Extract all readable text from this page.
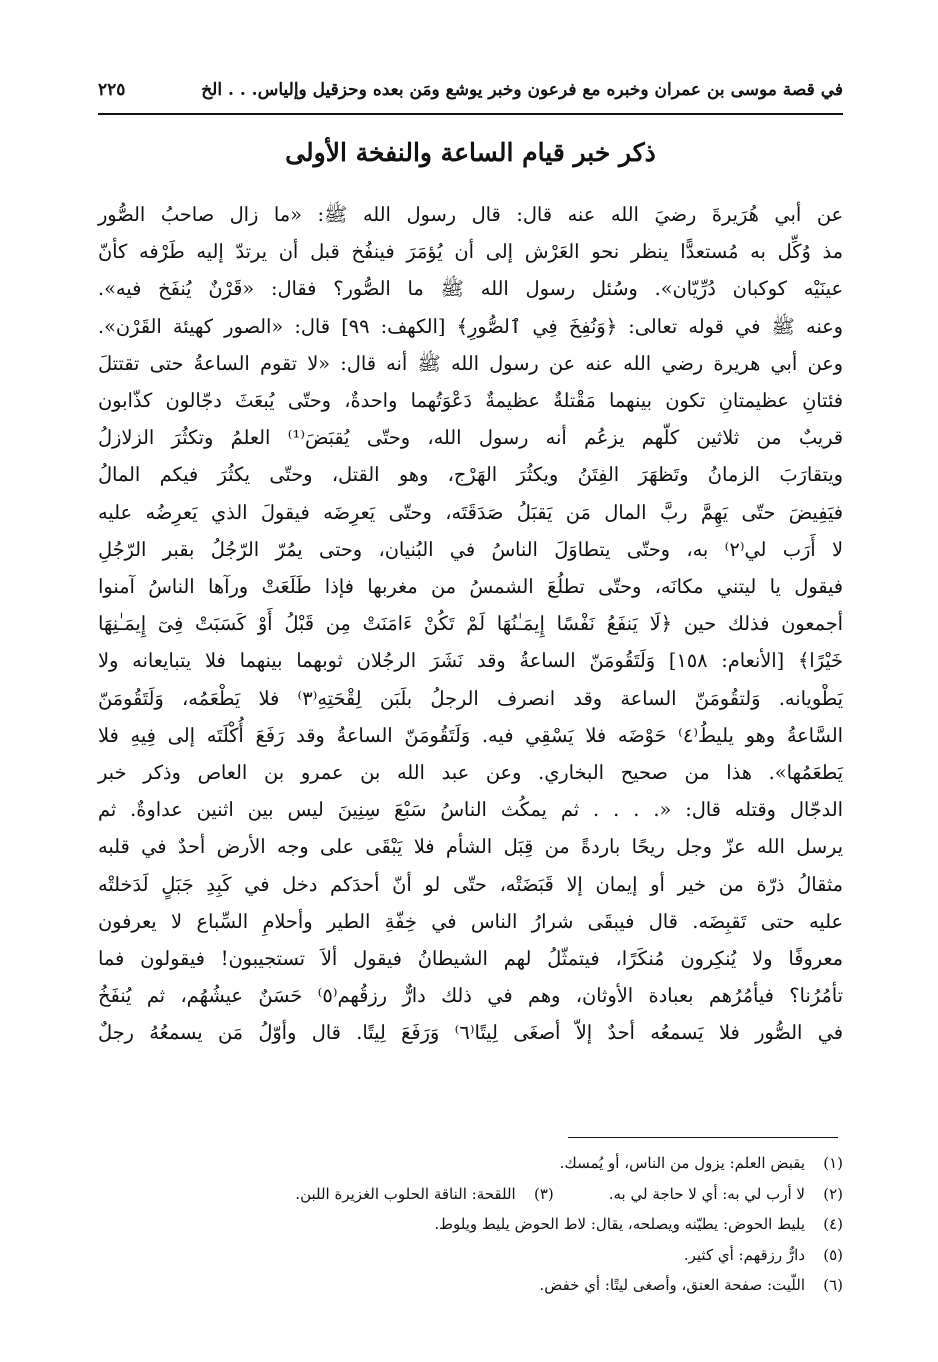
في قصة موسى بن عمران وخبره مع فرعون وخبر يوشع ومَن بعده وحزقيل وإلياس. . . الخ
٢٢٥
ذكر خبر قيام الساعة والنفخة الأولى

عن أبي هُرَيرةَ رضيَ الله عنه قال: قال رسول الله ﷺ: «ما زال صاحبُ الصُّور
مذ وُكِّل به مُستعدًّا ينظر نحو العَرْش إلى أن يُؤمَرَ فينفُخ قبل أن يرتدّ إليه طَرْفه كأنّ
عينَيْه كوكبان دُرِّيّان». وسُئل رسول الله ﷺ ما الصُّور؟ فقال: «قَرْنٌ يُنفَخ فيه».
وعنه ﷺ في قوله تعالى: ﴿وَنُفِخَ فِي ٱلصُّورِ﴾ [الكهف: ٩٩] قال: «الصور كهيئة القَرْن».
وعن أبي هريرة رضي الله عنه عن رسول الله ﷺ أنه قال: «لا تقوم الساعةُ حتى تقتتلَ
فئتانِ عظيمتانِ تكون بينهما مَقْتلةٌ عظيمةٌ دَعْوَتُهما واحدةٌ، وحتّى يُبعَثَ دجّالون كذّابون
قريبٌ من ثلاثين كلّهم يزعُم أنه رسول الله، وحتّى يُقبَضَ⁽¹⁾ العلمُ وتكثُرَ الزلازلُ
ويتقارَبَ الزمانُ وتَظهَرَ الفِتَنُ ويكثُرَ الهَرْج، وهو القتل، وحتّى يكثُرَ فيكم المالُ
فيَفِيضَ حتّى يَهِمَّ ربَّ المال مَن يَقبَلُ صَدَقَتَه، وحتّى يَعرِضَه فيقولَ الذي يَعرِضُه عليه
لا أَرَب لي⁽٢⁾ به، وحتّى يتطاوَلَ الناسُ في البُنيان، وحتى يمُرّ الرّجُلُ بقبر الرّجُلِ
فيقول يا ليتني مكانَه، وحتّى تطلُعَ الشمسُ من مغربها فإذا طَلَعَتْ ورآها الناسُ آمنوا
أجمعون فذلك حين ﴿لَا يَنفَعُ نَفْسًا إِيمَـٰنُهَا لَمْ تَكُنْ ءَامَنَتْ مِن قَبْلُ أَوْ كَسَبَتْ فِىٓ إِيمَـٰنِهَا
خَيْرًا﴾ [الأنعام: ١٥٨] وَلَتَقُومَنّ الساعةُ وقد نَشَرَ الرجُلان ثوبهما بينهما فلا يتبايعانه ولا
يَطْويانه. وَلتقُومَنّ الساعة وقد انصرف الرجلُ بلَبَن لِقْحَتِهِ⁽٣⁾ فلا يَطْعَمُه، وَلَتَقُومَنّ
السَّاعةُ وهو يليطُ⁽٤⁾ حَوْضَه فلا يَسْقِي فيه. وَلَتَقُومَنّ الساعةُ وقد رَفَعَ أُكْلَتَه إلى فِيهِ فلا
يَطعَمُها». هذا من صحيح البخاري. وعن عبد الله بن عمرو بن العاص وذكر خبر
الدجّال وقتله قال: «. . . . ثم يمكُث الناسُ سَبْعَ سِنِينَ ليس بين اثنين عداوةٌ. ثم
يرسل الله عزّ وجل ريحًا باردةً من قِبَل الشأم فلا يَبْقَى على وجه الأرض أحدٌ في قلبه
مثقالُ ذرّة من خير أو إيمان إلا قَبَضَتْه، حتّى لو أنّ أحدَكم دخل في كَبِدِ جَبَلٍ لَدَخلتْه
عليه حتى تَقبِضَه. قال فيبقَى شرارُ الناس في خِفّةِ الطير وأحلامِ السِّباع لا يعرفون
معروفًا ولا يُنكِرون مُنكَرًا، فيتمثّلُ لهم الشيطانُ فيقول ألاَ تستجيبون! فيقولون فما
تأمُرُنا؟ فيأمُرُهم بعبادة الأوثان، وهم في ذلك دارٌّ رزقُهم⁽٥⁾ حَسَنٌ عيشُهُم، ثم يُنفَخُ
في الصُّور فلا يَسمعُه أحدٌ إلاّ أصغَى لِيتًا⁽٦⁾ وَرَفَعَ لِيتًا. قال وأوّلُ مَن يسمعُهُ رجلٌ

(١)يقبض العلم: يزول من الناس، أو يُمسك.
(٢)لا أرب لي به: أي لا حاجة لي به.(٣)اللقحة: الناقة الحلوب الغزيرة اللبن.
(٤)يليط الحوض: يطيّنه ويصلحه، يقال: لاط الحوض يليط ويلوط.
(٥)دارٌّ رزقهم: أي كثير.
(٦)اللّيت: صفحة العنق، وأصغى ليتًا: أي خفض.
